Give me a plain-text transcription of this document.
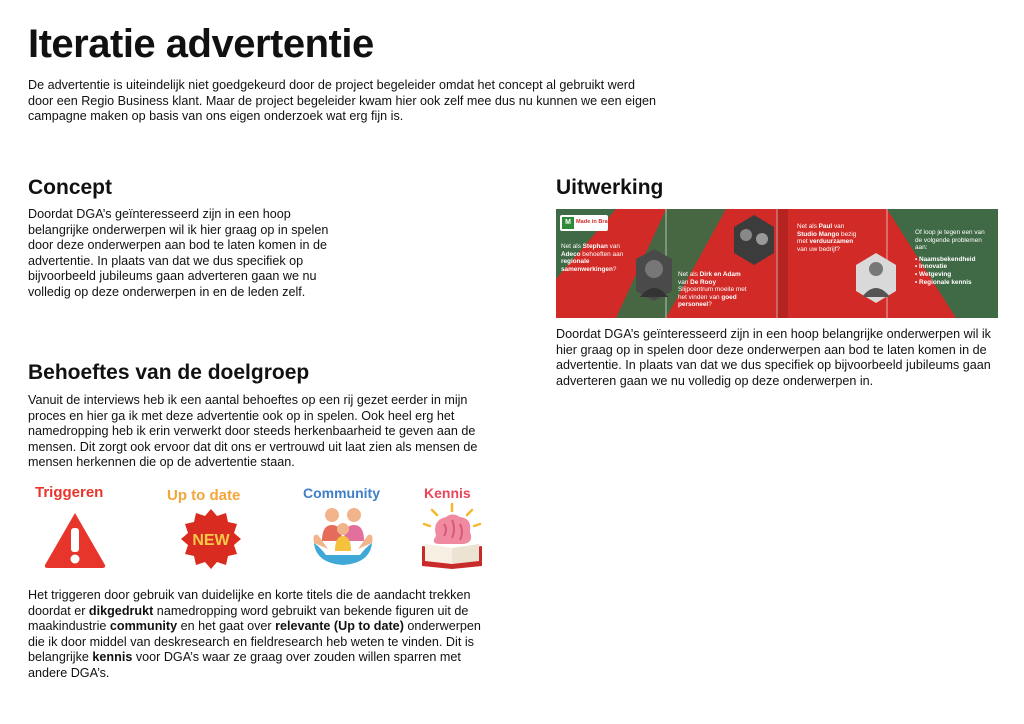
Iteratie advertentie

De advertentie is uiteindelijk niet goedgekeurd door de project begeleider omdat het concept al gebruikt werd door een Regio Business klant. Maar de project begeleider kwam hier ook zelf mee dus nu kunnen we een eigen campagne maken op basis van ons eigen onderzoek wat erg fijn is.

Concept

Doordat DGA’s geïnteresseerd zijn in een hoop belangrijke onderwerpen wil ik hier graag op in spelen door deze onderwerpen aan bod te laten komen in de advertentie. In plaats van dat we dus specifiek op bijvoorbeeld jubileums gaan adverteren gaan we nu volledig op deze onderwerpen in en de leden zelf.

Uitwerking
M Made in Brabant
Net als Stephan van Adeco behoeften aan regionale samenwerkingen?
Net als Dirk en Adam van De Rooy Slijpcentrum moeite met het vinden van goed personeel?
Net als Paul van Studio Mango bezig met verduurzamen van uw bedrijf?
Of loop je tegen een van de volgende problemen aan:
• Naamsbekendheid
• Innovatie
• Wetgeving
• Regionale kennis

Doordat DGA’s geïnteresseerd zijn in een hoop belangrijke onderwerpen wil ik hier graag op in spelen door deze onderwerpen aan bod te laten komen in de advertentie. In plaats van dat we dus specifiek op bijvoorbeeld jubileums gaan adverteren gaan we nu volledig op deze onderwerpen in.

Behoeftes van de doelgroep

Vanuit de interviews heb ik een aantal behoeftes op een rij gezet eerder in mijn proces en hier ga ik met deze advertentie ook op in spelen. Ook heel erg het namedropping heb ik erin verwerkt door steeds herkenbaarheid te geven aan de mensen. Dit zorgt ook ervoor dat dit ons er vertrouwd uit laat zien als mensen de mensen herkennen die op de advertentie staan.

Triggeren	Up to date	Community	Kennis
NEW

Het triggeren door gebruik van duidelijke en korte titels die de aandacht trekken doordat er dikgedrukt namedropping word gebruikt van bekende figuren uit de maakindustrie community en het gaat over relevante (Up to date) onderwerpen die ik door middel van deskresearch en fieldresearch heb weten te vinden. Dit is belangrijke kennis voor DGA’s waar ze graag over zouden willen sparren met andere DGA’s.
